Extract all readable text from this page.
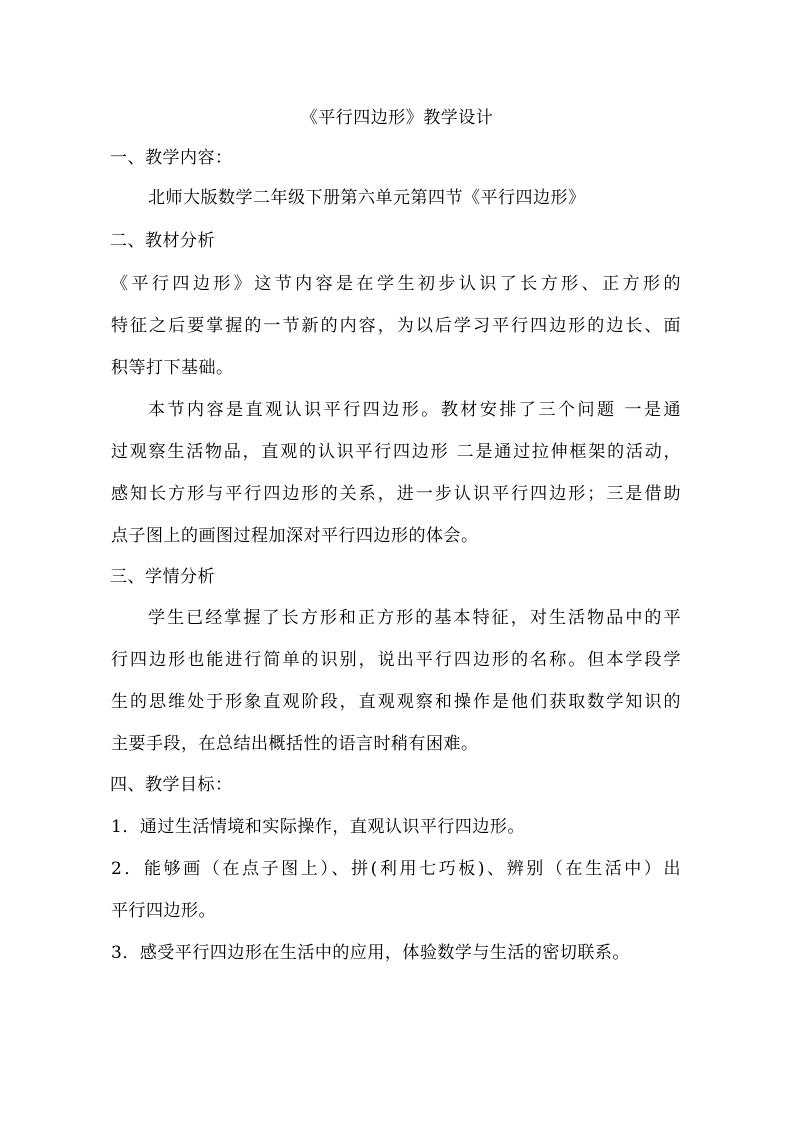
《平行四边形》教学设计
一、教学内容：
北师大版数学二年级下册第六单元第四节《平行四边形》
二、教材分析
《平行四边形》这节内容是在学生初步认识了长方形、正方形的
特征之后要掌握的一节新的内容，为以后学习平行四边形的边长、面
积等打下基础。
本节内容是直观认识平行四边形。教材安排了三个问题 一是通
过观察生活物品，直观的认识平行四边形 二是通过拉伸框架的活动，
感知长方形与平行四边形的关系，进一步认识平行四边形；三是借助
点子图上的画图过程加深对平行四边形的体会。
三、学情分析
学生已经掌握了长方形和正方形的基本特征，对生活物品中的平
行四边形也能进行简单的识别，说出平行四边形的名称。但本学段学
生的思维处于形象直观阶段，直观观察和操作是他们获取数学知识的
主要手段，在总结出概括性的语言时稍有困难。
四、教学目标：
1．通过生活情境和实际操作，直观认识平行四边形。
2．能够画（在点子图上）、拼(利用七巧板)、辨别（在生活中）出
平行四边形。
3．感受平行四边形在生活中的应用，体验数学与生活的密切联系。
